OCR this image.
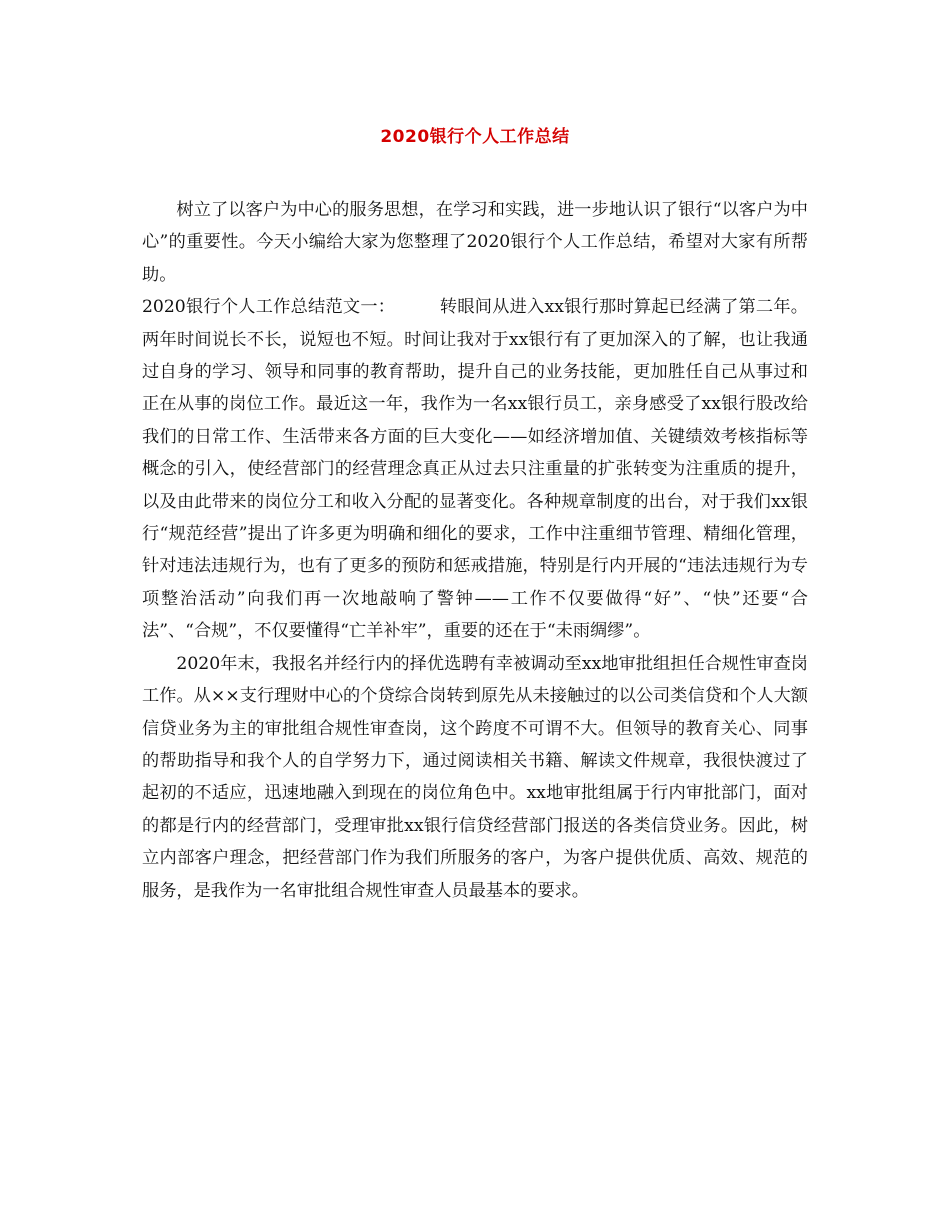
2020银行个人工作总结

树立了以客户为中心的服务思想，在学习和实践，进一步地认识了银行“以客户为中心”的重要性。今天小编给大家为您整理了2020银行个人工作总结，希望对大家有所帮助。

2020银行个人工作总结范文一：	转眼间从进入xx银行那时算起已经满了第二年。两年时间说长不长，说短也不短。时间让我对于xx银行有了更加深入的了解，也让我通过自身的学习、领导和同事的教育帮助，提升自己的业务技能，更加胜任自己从事过和正在从事的岗位工作。最近这一年，我作为一名xx银行员工，亲身感受了xx银行股改给我们的日常工作、生活带来各方面的巨大变化——如经济增加值、关键绩效考核指标等概念的引入，使经营部门的经营理念真正从过去只注重量的扩张转变为注重质的提升，以及由此带来的岗位分工和收入分配的显著变化。各种规章制度的出台，对于我们xx银行“规范经营”提出了许多更为明确和细化的要求，工作中注重细节管理、精细化管理，针对违法违规行为，也有了更多的预防和惩戒措施，特别是行内开展的“违法违规行为专项整治活动”向我们再一次地敲响了警钟——工作不仅要做得“好”、“快”还要“合法”、“合规”，不仅要懂得“亡羊补牢”，重要的还在于“未雨绸缪”。

2020年末，我报名并经行内的择优选聘有幸被调动至xx地审批组担任合规性审查岗工作。从××支行理财中心的个贷综合岗转到原先从未接触过的以公司类信贷和个人大额信贷业务为主的审批组合规性审查岗，这个跨度不可谓不大。但领导的教育关心、同事的帮助指导和我个人的自学努力下，通过阅读相关书籍、解读文件规章，我很快渡过了起初的不适应，迅速地融入到现在的岗位角色中。xx地审批组属于行内审批部门，面对的都是行内的经营部门，受理审批xx银行信贷经营部门报送的各类信贷业务。因此，树立内部客户理念，把经营部门作为我们所服务的客户，为客户提供优质、高效、规范的服务，是我作为一名审批组合规性审查人员最基本的要求。
